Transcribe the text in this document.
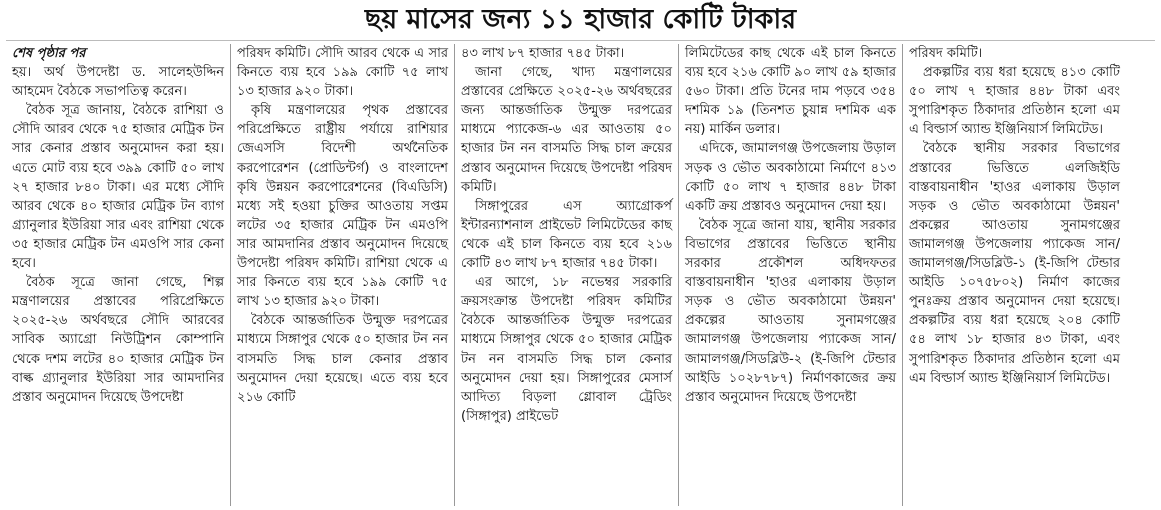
ছয় মাসের জন্য ১১ হাজার কোটি টাকার
শেষ পৃষ্ঠার পর

হয়। অর্থ উপদেষ্টা ড. সালেহউদ্দিন আহমেদ বৈঠকে সভাপতিত্ব করেন।

বৈঠক সূত্র জানায়, বৈঠকে রাশিয়া ও সৌদি আরব থেকে ৭৫ হাজার মেট্রিক টন সার কেনার প্রস্তাব অনুমোদন করা হয়। এতে মোট ব্যয় হবে ৩৯৯ কোটি ৫০ লাখ ২৭ হাজার ৮৪০ টাকা। এর মধ্যে সৌদি আরব থেকে ৪০ হাজার মেট্রিক টন ব্যাগ গ্র্যানুলার ইউরিয়া সার এবং রাশিয়া থেকে ৩৫ হাজার মেট্রিক টন এমওপি সার কেনা হবে।

বৈঠক সূত্রে জানা গেছে, শিল্প মন্ত্রণালয়ের প্রস্তাবের পরিপ্রেক্ষিতে ২০২৫-২৬ অর্থবছরে সৌদি আরবের সাবিক অ্যাগ্রো নিউট্রিশন কোম্পানি থেকে দশম লটের ৪০ হাজার মেট্রিক টন বাল্ক গ্র্যানুলার ইউরিয়া সার আমদানির প্রস্তাব অনুমোদন দিয়েছে উপদেষ্টা

পরিষদ কমিটি। সৌদি আরব থেকে এ সার কিনতে ব্যয় হবে ১৯৯ কোটি ৭৫ লাখ ১৩ হাজার ৯২০ টাকা।

কৃষি মন্ত্রণালয়ের পৃথক প্রস্তাবের পরিপ্রেক্ষিতে রাষ্ট্রীয় পর্যায়ে রাশিয়ার জেএসসি বিদেশী অর্থনৈতিক করপোরেশন (প্রোডিন্টর্গ) ও বাংলাদেশ কৃষি উন্নয়ন করপোরেশনের (বিএডিসি) মধ্যে সই হওয়া চুক্তির আওতায় সপ্তম লটের ৩৫ হাজার মেট্রিক টন এমওপি সার আমদানির প্রস্তাব অনুমোদন দিয়েছে উপদেষ্টা পরিষদ কমিটি। রাশিয়া থেকে এ সার কিনতে ব্যয় হবে ১৯৯ কোটি ৭৫ লাখ ১৩ হাজার ৯২০ টাকা।

বৈঠকে আন্তর্জাতিক উন্মুক্ত দরপত্রের মাধ্যমে সিঙ্গাপুর থেকে ৫০ হাজার টন নন বাসমতি সিদ্ধ চাল কেনার প্রস্তাব অনুমোদন দেয়া হয়েছে। এতে ব্যয় হবে ২১৬ কোটি

৪৩ লাখ ৮৭ হাজার ৭৪৫ টাকা।

জানা গেছে, খাদ্য মন্ত্রণালয়ের প্রস্তাবের প্রেক্ষিতে ২০২৫-২৬ অর্থবছরের জন্য আন্তর্জাতিক উন্মুক্ত দরপত্রের মাধ্যমে প্যাকেজ-৬ এর আওতায় ৫০ হাজার টন নন বাসমতি সিদ্ধ চাল ক্রয়ের প্রস্তাব অনুমোদন দিয়েছে উপদেষ্টা পরিষদ কমিটি।

সিঙ্গাপুরের এস অ্যাগ্রোকর্প ইন্টারন্যাশনাল প্রাইভেট লিমিটেডের কাছ থেকে এই চাল কিনতে ব্যয় হবে ২১৬ কোটি ৪৩ লাখ ৮৭ হাজার ৭৪৫ টাকা।

এর আগে, ১৮ নভেম্বর সরকারি ক্রয়সংক্রান্ত উপদেষ্টা পরিষদ কমিটির বৈঠকে আন্তর্জাতিক উন্মুক্ত দরপত্রের মাধ্যমে সিঙ্গাপুর থেকে ৫০ হাজার মেট্রিক টন নন বাসমতি সিদ্ধ চাল কেনার অনুমোদন দেয়া হয়। সিঙ্গাপুরের মেসার্স আদিত্য বিড়লা গ্লোবাল ট্রেডিং (সিঙ্গাপুর) প্রাইভেট

লিমিটেডের কাছ থেকে এই চাল কিনতে ব্যয় হবে ২১৬ কোটি ৯০ লাখ ৫৯ হাজার ৫৬০ টাকা। প্রতি টনের দাম পড়বে ৩৫৪ দশমিক ১৯ (তিনশত চুয়ান্ন দশমিক এক নয়) মার্কিন ডলার।

এদিকে, জামালগঞ্জ উপজেলায় উড়াল সড়ক ও ভৌত অবকাঠামো নির্মাণে ৪১৩ কোটি ৫০ লাখ ৭ হাজার ৪৪৮ টাকা একটি ক্রয় প্রস্তাবও অনুমোদন দেয়া হয়।

বৈঠক সূত্রে জানা যায়, স্থানীয় সরকার বিভাগের প্রস্তাবের ভিত্তিতে স্থানীয় সরকার প্রকৌশল অধিদফতর বাস্তবায়নাধীন 'হাওর এলাকায় উড়াল সড়ক ও ভৌত অবকাঠামো উন্নয়ন' প্রকল্পের আওতায় সুনামগঞ্জের জামালগঞ্জ উপজেলায় প্যাকেজ সান/জামালগঞ্জ/সিডব্লিউ-২ (ই-জিপি টেন্ডার আইডি ১০২৮৭৮৭) নির্মাণকাজের ক্রয় প্রস্তাব অনুমোদন দিয়েছে উপদেষ্টা

পরিষদ কমিটি।

প্রকল্পটির ব্যয় ধরা হয়েছে ৪১৩ কোটি ৫০ লাখ ৭ হাজার ৪৪৮ টাকা এবং সুপারিশকৃত ঠিকাদার প্রতিষ্ঠান হলো এম এ বিল্ডার্স অ্যান্ড ইঞ্জিনিয়ার্স লিমিটেড।

বৈঠকে স্থানীয় সরকার বিভাগের প্রস্তাবের ভিত্তিতে এলজিইডি বাস্তবায়নাধীন 'হাওর এলাকায় উড়াল সড়ক ও ভৌত অবকাঠামো উন্নয়ন' প্রকল্পের আওতায় সুনামগঞ্জের জামালগঞ্জ উপজেলায় প্যাকেজ সান/জামালগঞ্জ/সিডব্লিউ-১ (ই-জিপি টেন্ডার আইডি ১০৭৫৮০২) নির্মাণ কাজের পুনঃক্রয় প্রস্তাব অনুমোদন দেয়া হয়েছে। প্রকল্পটির ব্যয় ধরা হয়েছে ২০৪ কোটি ৫৪ লাখ ১৮ হাজার ৪৩ টাকা, এবং সুপারিশকৃত ঠিকাদার প্রতিষ্ঠান হলো এম এম বিল্ডার্স অ্যান্ড ইঞ্জিনিয়ার্স লিমিটেড।
